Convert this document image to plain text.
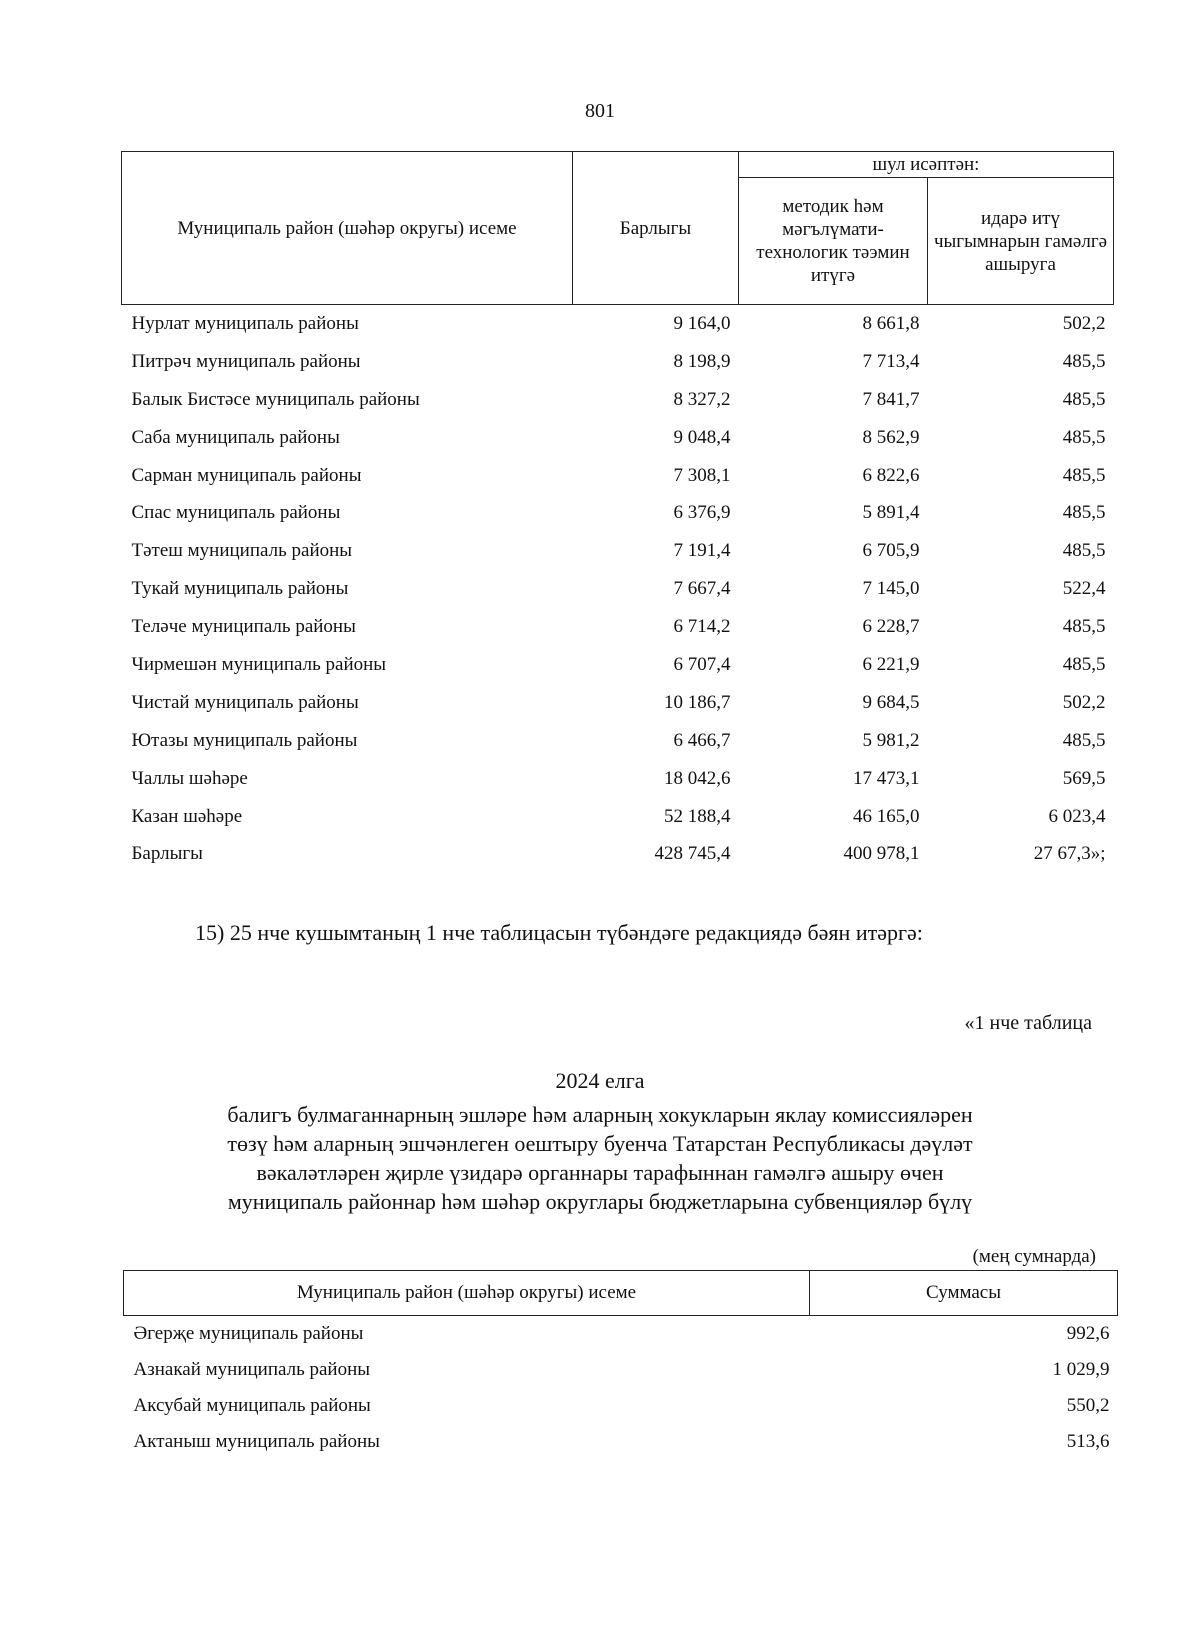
801
Муниципаль район (шәһәр округы) исеме	Барлыгы	шул исәптән:	
		методик һәм мәгълүмати-технологик тәэмин итүгә	идарә итү чыгымнарын гамәлгә ашыруга
Нурлат муниципаль районы	9 164,0	8 661,8	502,2
Питрәч муниципаль районы	8 198,9	7 713,4	485,5
Балык Бистәсе муниципаль районы	8 327,2	7 841,7	485,5
Саба муниципаль районы	9 048,4	8 562,9	485,5
Сарман муниципаль районы	7 308,1	6 822,6	485,5
Спас муниципаль районы	6 376,9	5 891,4	485,5
Тәтеш муниципаль районы	7 191,4	6 705,9	485,5
Тукай муниципаль районы	7 667,4	7 145,0	522,4
Теләче муниципаль районы	6 714,2	6 228,7	485,5
Чирмешән муниципаль районы	6 707,4	6 221,9	485,5
Чистай муниципаль районы	10 186,7	9 684,5	502,2
Ютазы муниципаль районы	6 466,7	5 981,2	485,5
Чаллы шәһәре	18 042,6	17 473,1	569,5
Казан шәһәре	52 188,4	46 165,0	6 023,4
Барлыгы	428 745,4	400 978,1	27 67,3»;
15) 25 нче кушымтаның 1 нче таблицасын түбәндәге редакциядә бәян итәргә:
«1 нче таблица
2024 елга
балигъ булмаганнарның эшләре һәм аларның хокукларын яклау комиссияләрен
төзү һәм аларның эшчәнлеген оештыру буенча Татарстан Республикасы дәүләт
вәкаләтләрен җирле үзидарә органнары тарафыннан гамәлгә ашыру өчен
муниципаль районнар һәм шәһәр округлары бюджетларына субвенцияләр бүлү
(мең сумнарда)
Муниципаль район (шәһәр округы) исеме	Суммасы
Әгерҗе муниципаль районы	992,6
Азнакай муниципаль районы	1 029,9
Аксубай муниципаль районы	550,2
Актаныш муниципаль районы	513,6
